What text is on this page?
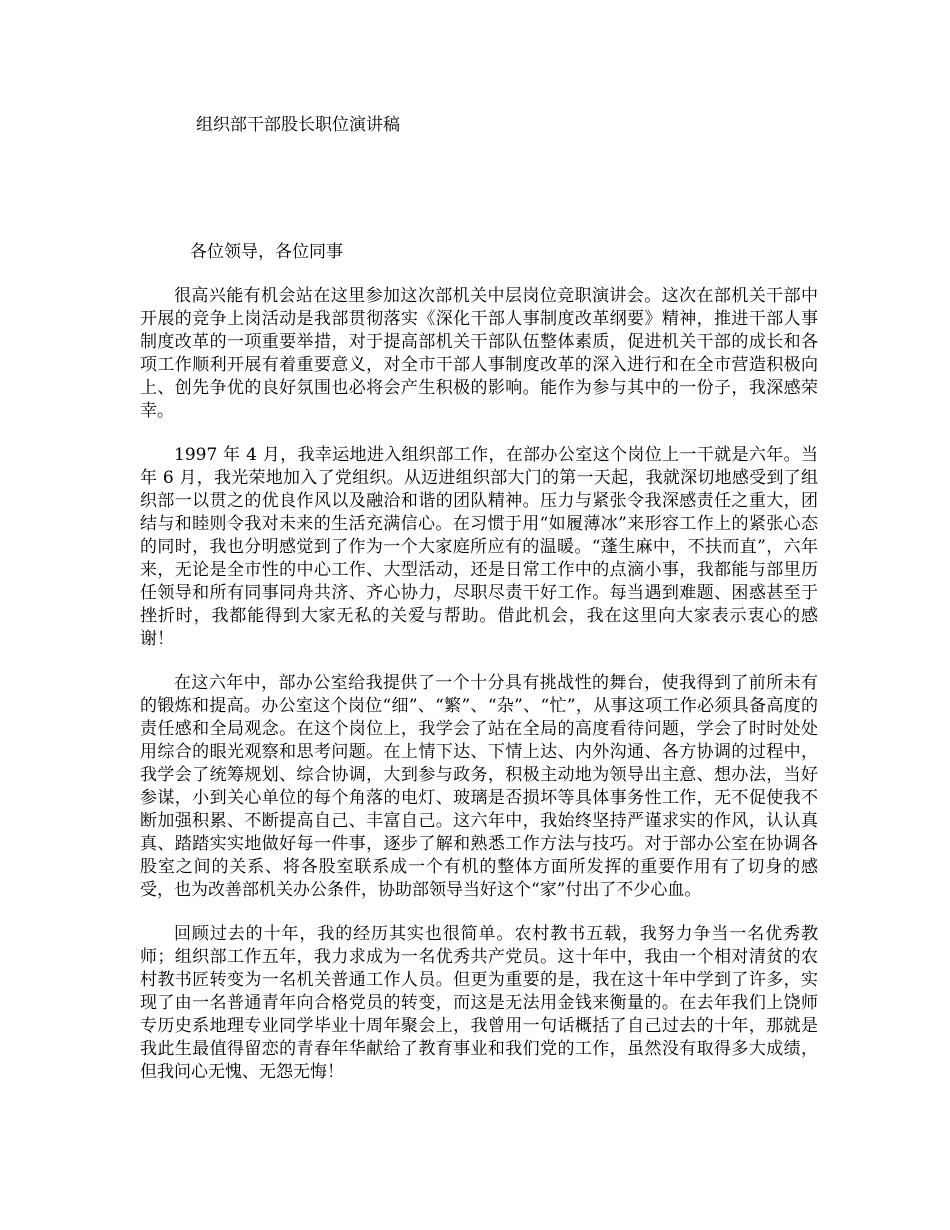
组织部干部股长职位演讲稿
各位领导，各位同事

很高兴能有机会站在这里参加这次部机关中层岗位竞职演讲会。这次在部机关干部中开展的竞争上岗活动是我部贯彻落实《深化干部人事制度改革纲要》精神，推进干部人事制度改革的一项重要举措，对于提高部机关干部队伍整体素质，促进机关干部的成长和各项工作顺利开展有着重要意义，对全市干部人事制度改革的深入进行和在全市营造积极向上、创先争优的良好氛围也必将会产生积极的影响。能作为参与其中的一份子，我深感荣幸。

1997 年 4 月，我幸运地进入组织部工作，在部办公室这个岗位上一干就是六年。当年 6 月，我光荣地加入了党组织。从迈进组织部大门的第一天起，我就深切地感受到了组织部一以贯之的优良作风以及融洽和谐的团队精神。压力与紧张令我深感责任之重大，团结与和睦则令我对未来的生活充满信心。在习惯于用“如履薄冰”来形容工作上的紧张心态的同时，我也分明感觉到了作为一个大家庭所应有的温暖。“蓬生麻中，不扶而直”，六年来，无论是全市性的中心工作、大型活动，还是日常工作中的点滴小事，我都能与部里历任领导和所有同事同舟共济、齐心协力，尽职尽责干好工作。每当遇到难题、困惑甚至于挫折时，我都能得到大家无私的关爱与帮助。借此机会，我在这里向大家表示衷心的感谢！

在这六年中，部办公室给我提供了一个十分具有挑战性的舞台，使我得到了前所未有的锻炼和提高。办公室这个岗位“细”、“繁”、“杂”、“忙”，从事这项工作必须具备高度的责任感和全局观念。在这个岗位上，我学会了站在全局的高度看待问题，学会了时时处处用综合的眼光观察和思考问题。在上情下达、下情上达、内外沟通、各方协调的过程中，我学会了统筹规划、综合协调，大到参与政务，积极主动地为领导出主意、想办法，当好参谋，小到关心单位的每个角落的电灯、玻璃是否损坏等具体事务性工作，无不促使我不断加强积累、不断提高自己、丰富自己。这六年中，我始终坚持严谨求实的作风，认认真真、踏踏实实地做好每一件事，逐步了解和熟悉工作方法与技巧。对于部办公室在协调各股室之间的关系、将各股室联系成一个有机的整体方面所发挥的重要作用有了切身的感受，也为改善部机关办公条件，协助部领导当好这个“家”付出了不少心血。

回顾过去的十年，我的经历其实也很简单。农村教书五载，我努力争当一名优秀教师；组织部工作五年，我力求成为一名优秀共产党员。这十年中，我由一个相对清贫的农村教书匠转变为一名机关普通工作人员。但更为重要的是，我在这十年中学到了许多，实现了由一名普通青年向合格党员的转变，而这是无法用金钱来衡量的。在去年我们上饶师专历史系地理专业同学毕业十周年聚会上，我曾用一句话概括了自己过去的十年，那就是我此生最值得留恋的青春年华献给了教育事业和我们党的工作，虽然没有取得多大成绩，但我问心无愧、无怨无悔！
